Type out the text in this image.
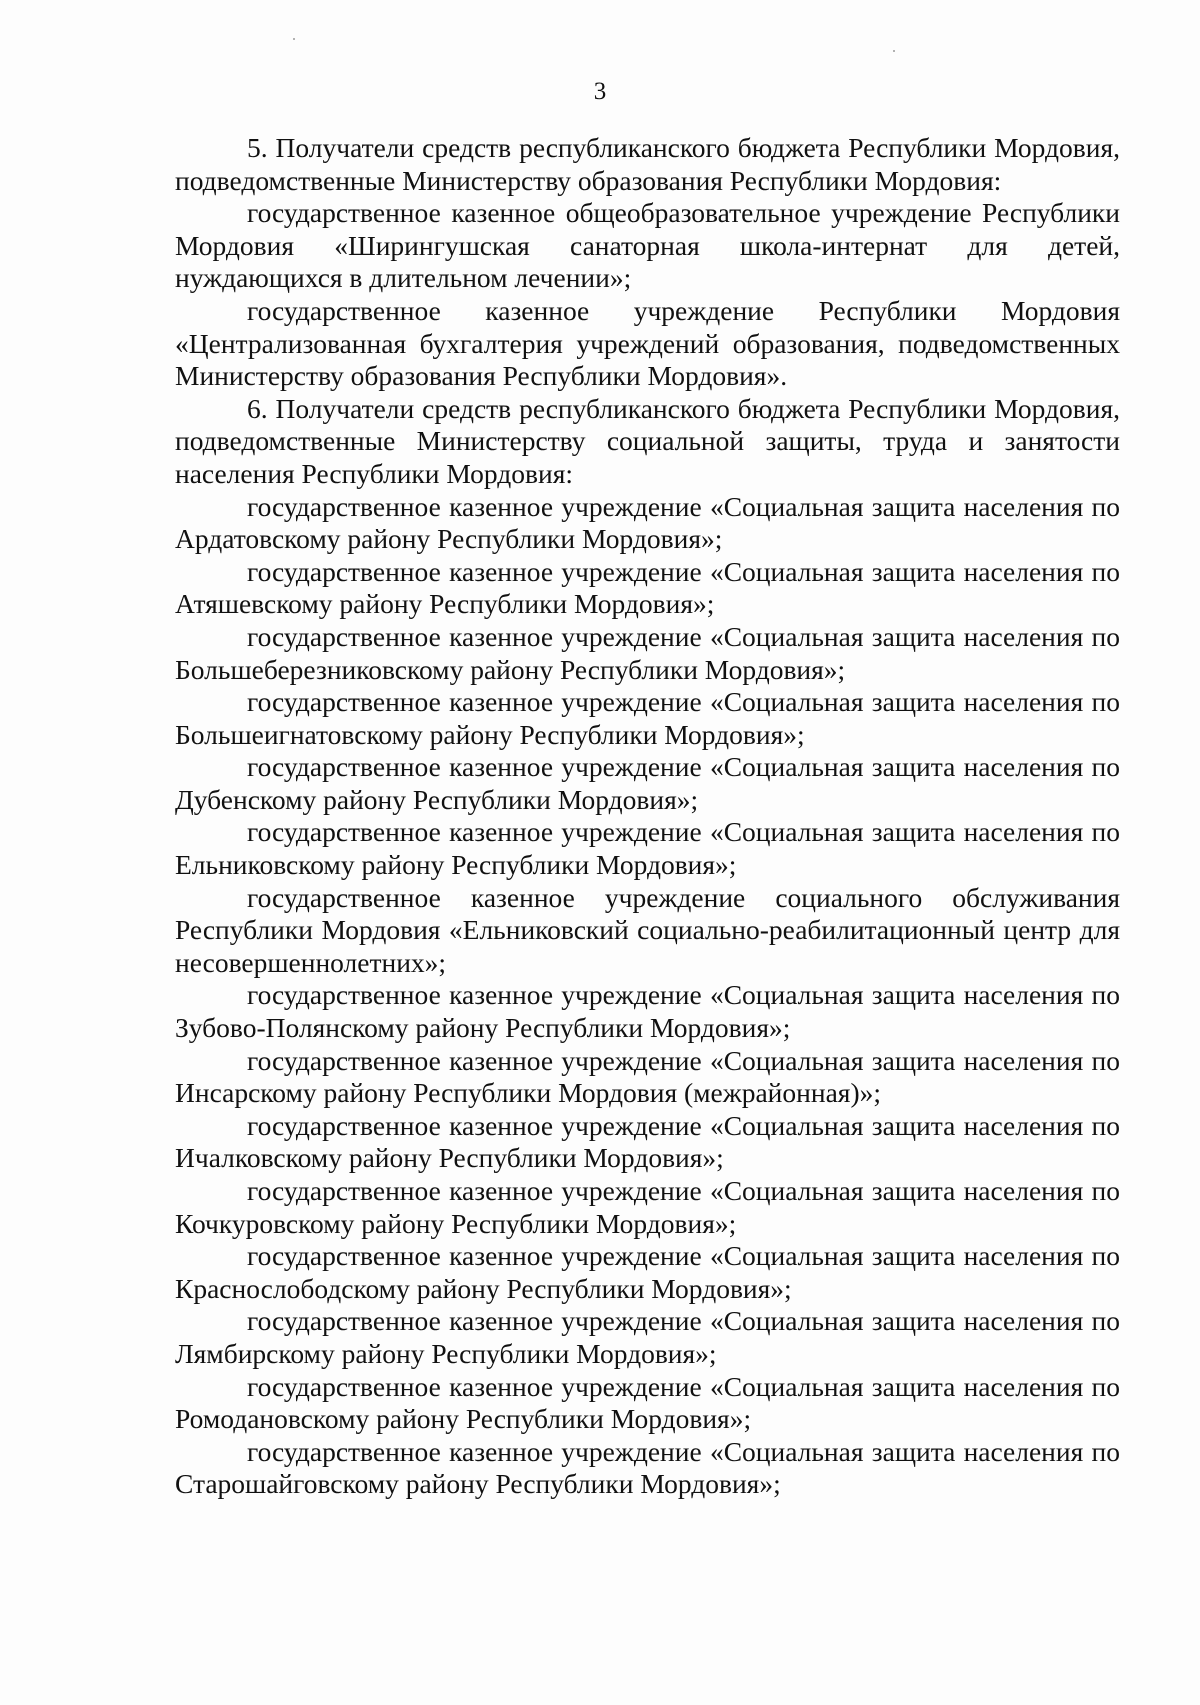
3

5. Получатели средств республиканского бюджета Республики Мордовия, подведомственные Министерству образования Республики Мордовия:

государственное казенное общеобразовательное учреждение Республики Мордовия «Ширингушская санаторная школа-интернат для детей, нуждающихся в длительном лечении»;

государственное казенное учреждение Республики Мордовия «Централизованная бухгалтерия учреждений образования, подведомственных Министерству образования Республики Мордовия».

6. Получатели средств республиканского бюджета Республики Мордовия, подведомственные Министерству социальной защиты, труда и занятости населения Республики Мордовия:

государственное казенное учреждение «Социальная защита населения по Ардатовскому району Республики Мордовия»;

государственное казенное учреждение «Социальная защита населения по Атяшевскому району Республики Мордовия»;

государственное казенное учреждение «Социальная защита населения по Большеберезниковскому району Республики Мордовия»;

государственное казенное учреждение «Социальная защита населения по Большеигнатовскому району Республики Мордовия»;

государственное казенное учреждение «Социальная защита населения по Дубенскому району Республики Мордовия»;

государственное казенное учреждение «Социальная защита населения по Ельниковскому району Республики Мордовия»;

государственное казенное учреждение социального обслуживания Республики Мордовия «Ельниковский социально-реабилитационный центр для несовершеннолетних»;

государственное казенное учреждение «Социальная защита населения по Зубово-Полянскому району Республики Мордовия»;

государственное казенное учреждение «Социальная защита населения по Инсарскому району Республики Мордовия (межрайонная)»;

государственное казенное учреждение «Социальная защита населения по Ичалковскому району Республики Мордовия»;

государственное казенное учреждение «Социальная защита населения по Кочкуровскому району Республики Мордовия»;

государственное казенное учреждение «Социальная защита населения по Краснослободскому району Республики Мордовия»;

государственное казенное учреждение «Социальная защита населения по Лямбирскому району Республики Мордовия»;

государственное казенное учреждение «Социальная защита населения по Ромодановскому району Республики Мордовия»;

государственное казенное учреждение «Социальная защита населения по Старошайговскому району Республики Мордовия»;
